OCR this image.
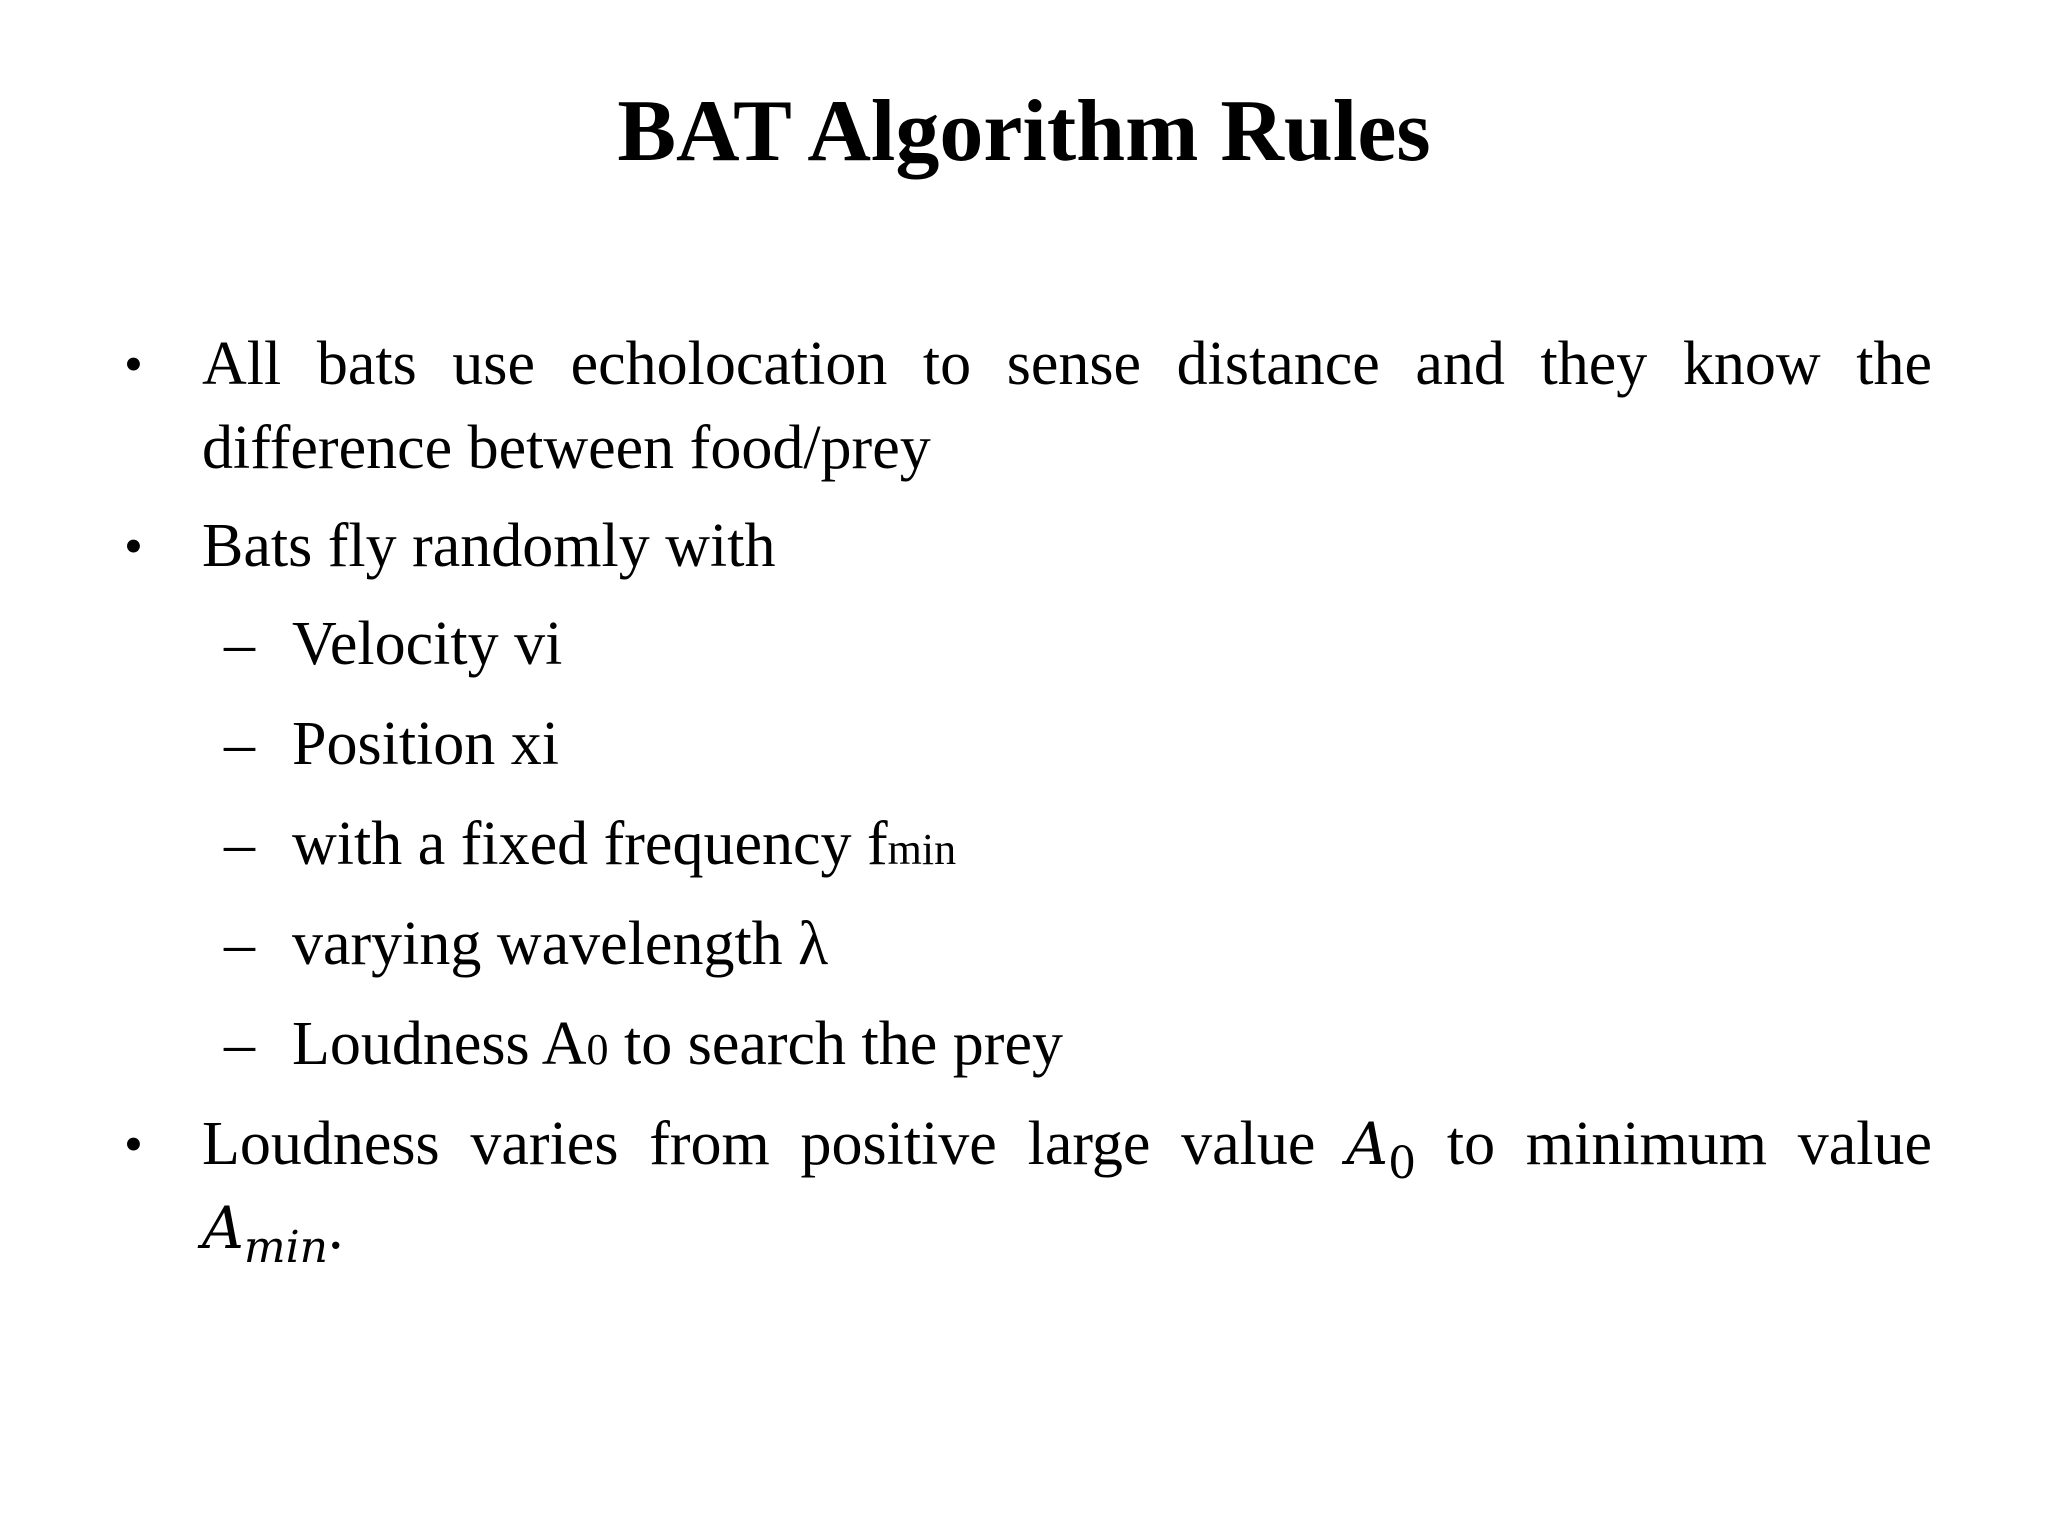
BAT Algorithm Rules
• All bats use echolocation to sense distance and they know the difference between food/prey
• Bats fly randomly with
– Velocity vi
– Position xi
– with a fixed frequency fmin
– varying wavelength λ
– Loudness A0 to search the prey
• Loudness varies from positive large value $A_0$ to minimum value $A_{min}$.
